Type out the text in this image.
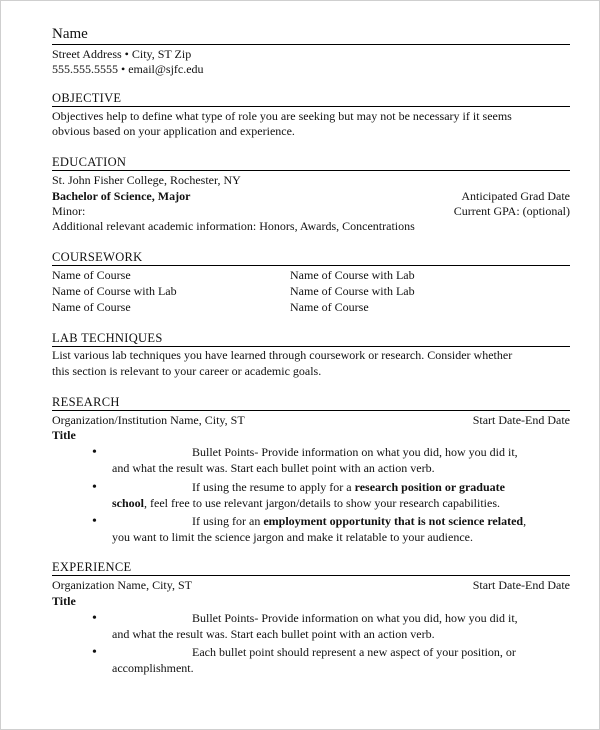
Name
Street Address • City, ST Zip
555.555.5555 • email@sjfc.edu
OBJECTIVE
Objectives help to define what type of role you are seeking but may not be necessary if it seems
obvious based on your application and experience.
EDUCATION
St. John Fisher College, Rochester, NY
Bachelor of Science, Major	Anticipated Grad Date
Minor:	Current GPA: (optional)
Additional relevant academic information: Honors, Awards, Concentrations
COURSEWORK
Name of Course	Name of Course with Lab
Name of Course with Lab	Name of Course with Lab
Name of Course	Name of Course
LAB TECHNIQUES
List various lab techniques you have learned through coursework or research. Consider whether
this section is relevant to your career or academic goals.
RESEARCH
Organization/Institution Name, City, ST	Start Date-End Date
Title
•	Bullet Points- Provide information on what you did, how you did it,
and what the result was. Start each bullet point with an action verb.
•	If using the resume to apply for a research position or graduate
school, feel free to use relevant jargon/details to show your research capabilities.
•	If using for an employment opportunity that is not science related,
you want to limit the science jargon and make it relatable to your audience.
EXPERIENCE
Organization Name, City, ST	Start Date-End Date
Title
•	Bullet Points- Provide information on what you did, how you did it,
and what the result was. Start each bullet point with an action verb.
•	Each bullet point should represent a new aspect of your position, or
accomplishment.
